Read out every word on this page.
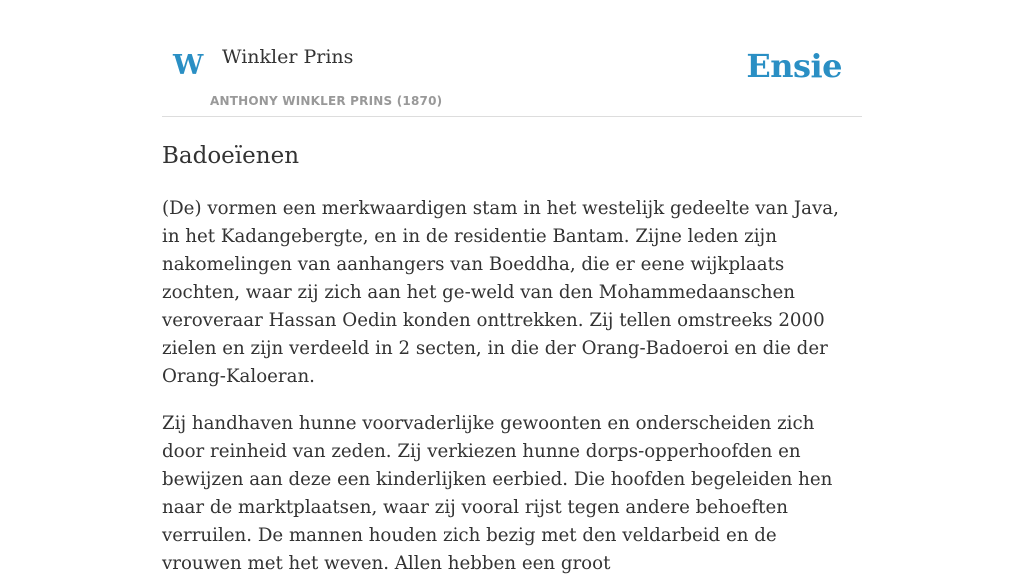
W Winkler Prins
ANTHONY WINKLER PRINS (1870)
Ensie
Badoeïenen

(De) vormen een merkwaardigen stam in het westelijk gedeelte van Java, in het Kadangebergte, en in de residentie Bantam. Zijne leden zijn nakomelingen van aanhangers van Boeddha, die er eene wijkplaats zochten, waar zij zich aan het ge-weld van den Mohammedaanschen veroveraar Hassan Oedin konden onttrekken. Zij tellen omstreeks 2000 zielen en zijn verdeeld in 2 secten, in die der Orang-Badoeroi en die der Orang-Kaloeran.

Zij handhaven hunne voorvaderlijke gewoonten en onderscheiden zich door reinheid van zeden. Zij verkiezen hunne dorps-opperhoofden en bewijzen aan deze een kinderlijken eerbied. Die hoofden begeleiden hen naar de marktplaatsen, waar zij vooral rijst tegen andere behoeften verruilen. De mannen houden zich bezig met den veldarbeid en de vrouwen met het weven. Allen hebben een groot
